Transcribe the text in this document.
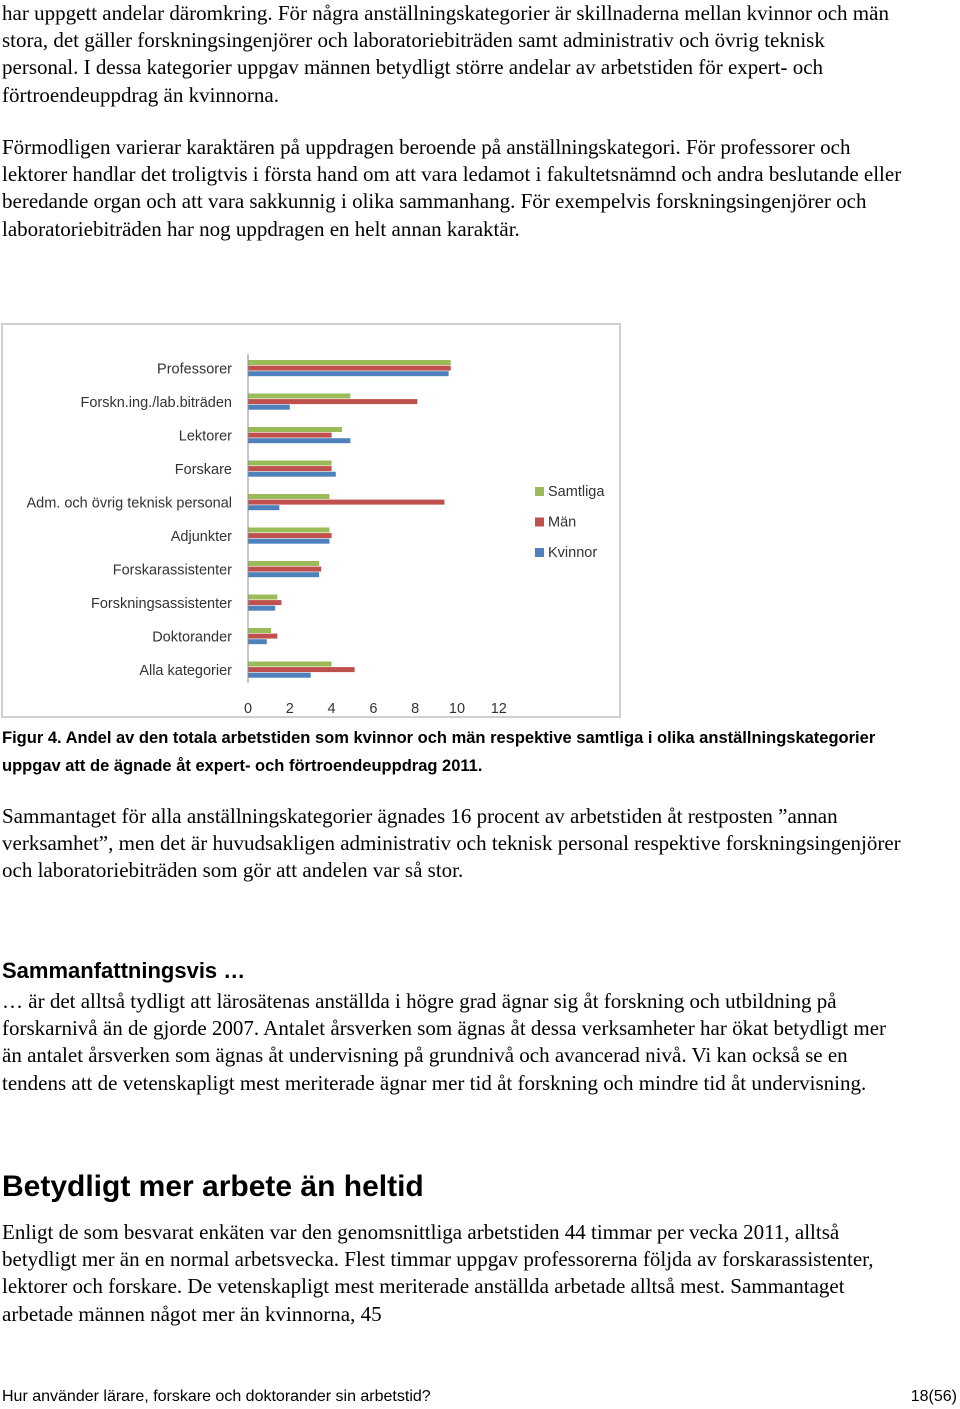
har uppgett andelar däromkring. För några anställningskategorier är skillnaderna mellan kvinnor och män stora, det gäller forskningsingenjörer och laboratoriebiträden samt administrativ och övrig teknisk personal. I dessa kategorier uppgav männen betydligt större andelar av arbetstiden för expert- och förtroendeuppdrag än kvinnorna.

Förmodligen varierar karaktären på uppdragen beroende på anställningskategori. För professorer och lektorer handlar det troligtvis i första hand om att vara ledamot i fakultetsnämnd och andra beslutande eller beredande organ och att vara sakkunnig i olika sammanhang. För exempelvis forskningsingenjörer och laboratoriebiträden har nog uppdragen en helt annan karaktär.

Professorer
Forskn.ing./lab.biträden
Lektorer
Forskare
Adm. och övrig teknisk personal
Adjunkter
Forskarassistenter
Forskningsassistenter
Doktorander
Alla kategorier
0 2 4 6 8 10 12
Samtliga
Män
Kvinnor

Figur 4. Andel av den totala arbetstiden som kvinnor och män respektive samtliga i olika anställningskategorier uppgav att de ägnade åt expert- och förtroendeuppdrag 2011.

Sammantaget för alla anställningskategorier ägnades 16 procent av arbetstiden åt restposten ”annan verksamhet”, men det är huvudsakligen administrativ och teknisk personal respektive forskningsingenjörer och laboratoriebiträden som gör att andelen var så stor.

Sammanfattningsvis …

… är det alltså tydligt att lärosätenas anställda i högre grad ägnar sig åt forskning och utbildning på forskarnivå än de gjorde 2007. Antalet årsverken som ägnas åt dessa verksamheter har ökat betydligt mer än antalet årsverken som ägnas åt undervisning på grundnivå och avancerad nivå. Vi kan också se en tendens att de vetenskapligt mest meriterade ägnar mer tid åt forskning och mindre tid åt undervisning.

Betydligt mer arbete än heltid

Enligt de som besvarat enkäten var den genomsnittliga arbetstiden 44 timmar per vecka 2011, alltså betydligt mer än en normal arbetsvecka. Flest timmar uppgav professorerna följda av forskarassistenter, lektorer och forskare. De vetenskapligt mest meriterade anställda arbetade alltså mest. Sammantaget arbetade männen något mer än kvinnorna, 45

Hur använder lärare, forskare och doktorander sin arbetstid?	18(56)
